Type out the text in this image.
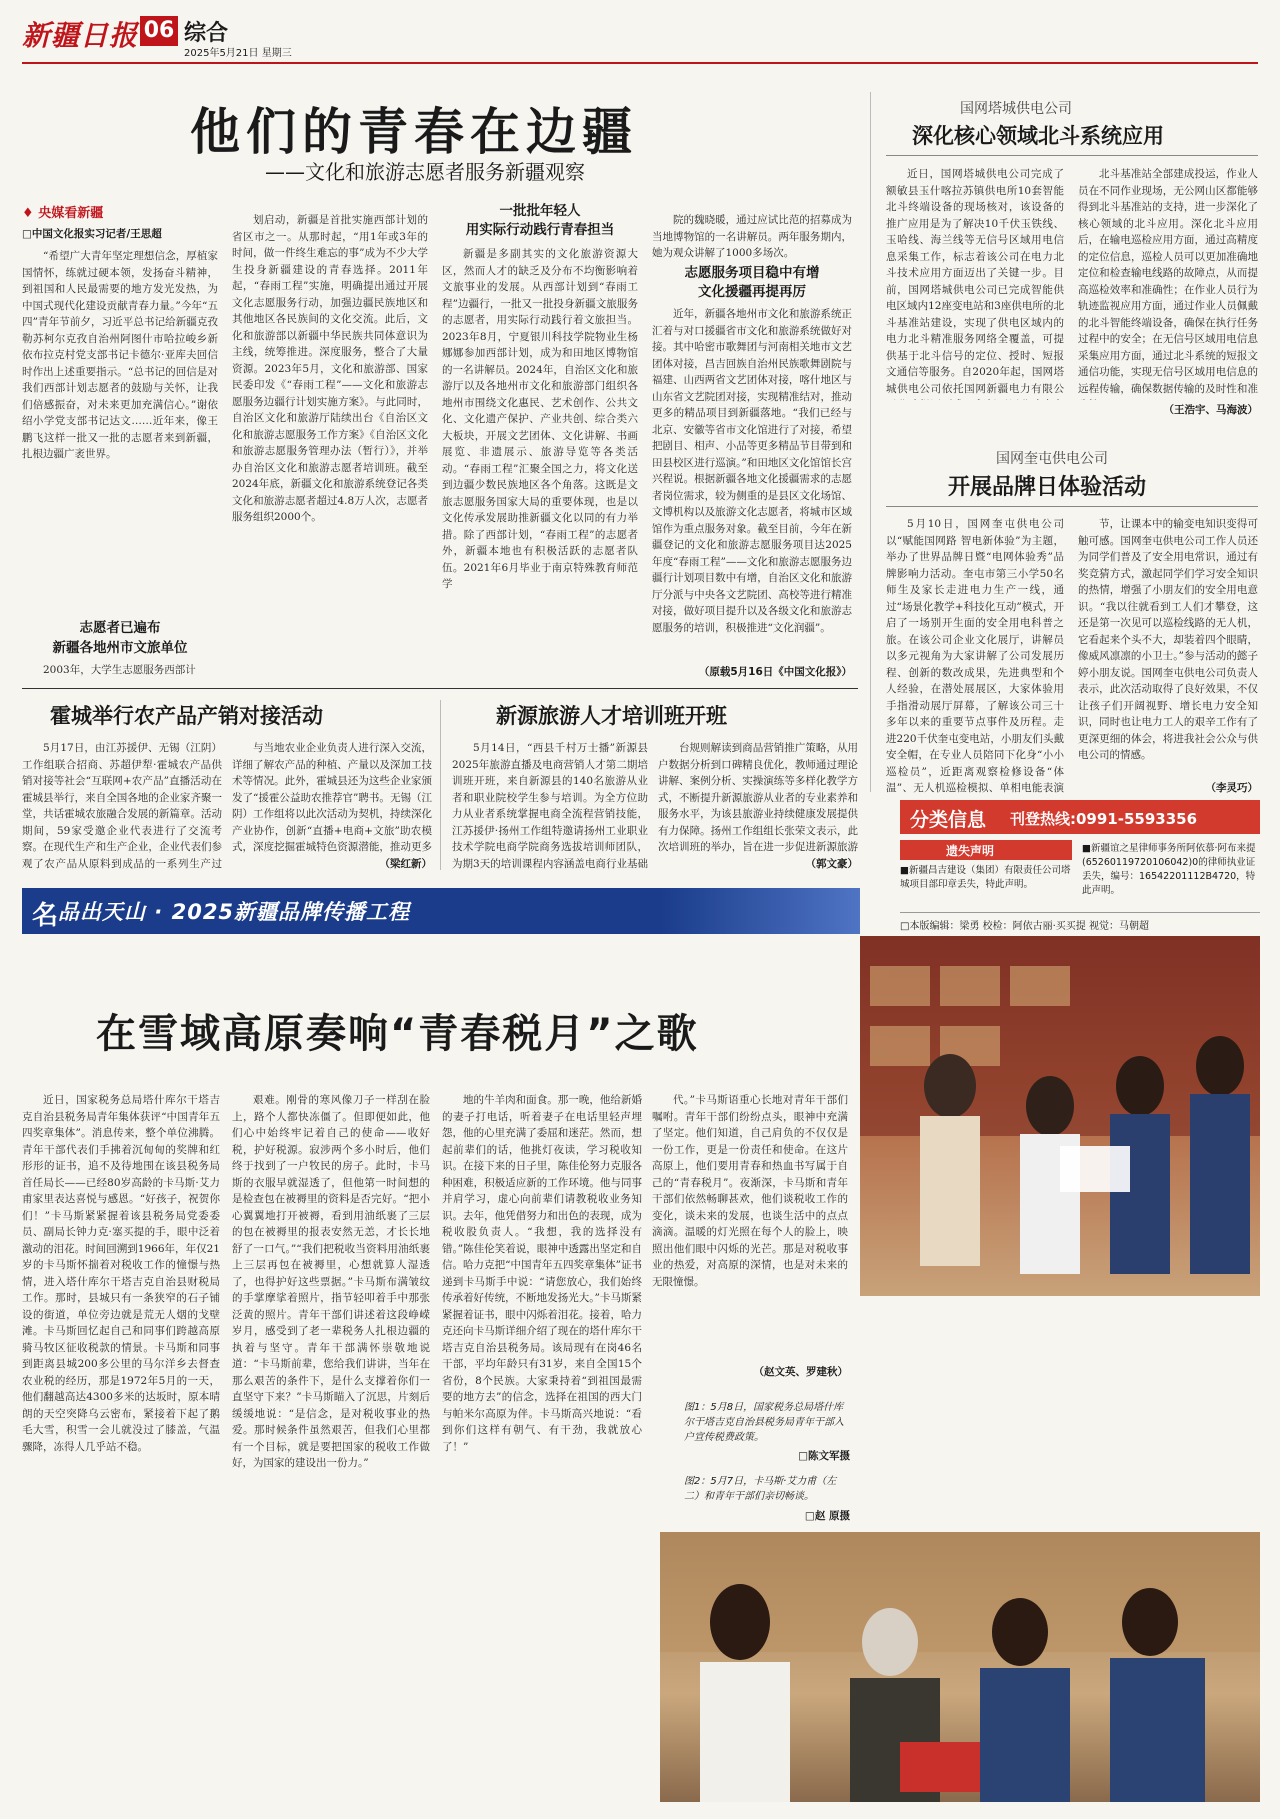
新疆日报 06 综合
2025年5月21日 星期三
他们的青春在边疆
——文化和旅游志愿者服务新疆观察
♦ 央媒看新疆
□中国文化报实习记者/王思超

“希望广大青年坚定理想信念，厚植家国情怀，练就过硬本领，发扬奋斗精神，到祖国和人民最需要的地方发光发热，为中国式现代化建设贡献青春力量。”今年“五四”青年节前夕，习近平总书记给新疆克孜勒苏柯尔克孜自治州阿图什市哈拉峻乡新依布拉克村党支部书记卡德尔·亚库夫回信时作出上述重要指示。“总书记的回信是对我们西部计划志愿者的鼓励与关怀，让我们倍感振奋，对未来更加充满信心。”谢依绍小学党支部书记达文……近年来，像王鹏飞这样一批又一批的志愿者来到新疆，扎根边疆广袤世界。

志愿者已遍布
新疆各地州市文旅单位

2003年，大学生志愿服务西部计

划启动，新疆是首批实施西部计划的省区市之一。从那时起，“用1年或3年的时间，做一件终生难忘的事”成为不少大学生投身新疆建设的青春选择。2011年起，“春雨工程”实施，明确提出通过开展文化志愿服务行动，加强边疆民族地区和其他地区各民族间的文化交流。此后，文化和旅游部以新疆中华民族共同体意识为主线，统筹推进。深度服务，整合了大量资源。2023年5月，文化和旅游部、国家民委印发《“春雨工程”——文化和旅游志愿服务边疆行计划实施方案》。与此同时，自治区文化和旅游厅陆续出台《自治区文化和旅游志愿服务工作方案》《自治区文化和旅游志愿服务管理办法（暂行）》，并举办自治区文化和旅游志愿者培训班。截至2024年底，新疆文化和旅游系统登记各类文化和旅游志愿者超过4.8万人次，志愿者服务组织2000个。

一批批年轻人
用实际行动践行青春担当

新疆是多副其实的文化旅游资源大区，然而人才的缺乏及分布不均衡影响着文旅事业的发展。从西部计划到“春雨工程”边疆行，一批又一批投身新疆文旅服务的志愿者，用实际行动践行着文旅担当。2023年8月，宁夏银川科技学院物业生杨娜娜参加西部计划，成为和田地区博物馆的一名讲解员。2024年，自治区文化和旅游厅以及各地州市文化和旅游部门组织各地州市围绕文化惠民、艺术创作、公共文化、文化遗产保护、产业共创、综合类六大板块，开展文艺团体、文化讲解、书画展览、非遗展示、旅游导览等各类活动。“春雨工程”汇聚全国之力，将文化送到边疆少数民族地区各个角落。这既是文旅志愿服务国家大局的重要体现，也是以文化传承发展助推新疆文化以同的有力举措。除了西部计划，“春雨工程”的志愿者外，新疆本地也有积极活跃的志愿者队伍。2021年6月毕业于南京特殊教育师范学

院的魏晓暖，通过应试比范的招募成为当地博物馆的一名讲解员。两年服务期内，她为观众讲解了1000多场次。

志愿服务项目稳中有增
文化援疆再提再厉

近年，新疆各地州市文化和旅游系统正汇着与对口援疆省市文化和旅游系统做好对接。其中哈密市歌舞团与河南相关地市文艺团体对接，昌吉回族自治州民族歌舞剧院与福建、山西两省文艺团体对接，喀什地区与山东省文艺院团对接，实现精准结对，推动更多的精品项目到新疆落地。“我们已经与北京、安徽等省市文化馆进行了对接，希望把剧目、相声、小品等更多精品节目带到和田县校区进行巡演。”和田地区文化馆馆长宫兴程说。根据新疆各地文化援疆需求的志愿者岗位需求，较为侧重的是县区文化场馆、文博机构以及旅游文化志愿者，将城市区域馆作为重点服务对象。截至目前，今年在新疆登记的文化和旅游志愿服务项目达2025年度“春雨工程”——文化和旅游志愿服务边疆行计划项目数中有增，自治区文化和旅游厅分派与中央各文艺院团、高校等进行精准对接，做好项目提升以及各级文化和旅游志愿服务的培训，积极推进“文化润疆”。

（原载5月16日《中国文化报》）
国网塔城供电公司
深化核心领域北斗系统应用

近日，国网塔城供电公司完成了额敏县玉什喀拉苏镇供电所10套智能北斗终端设备的现场核对，该设备的推广应用是为了解决10千伏玉铁线、玉哈线、海兰线等无信号区域用电信息采集工作，标志着该公司在电力北斗技术应用方面迈出了关键一步。目前，国网塔城供电公司已完成智能供电区域内12座变电站和3座供电所的北斗基准站建设，实现了供电区域内的电力北斗精准服务网络全覆盖，可提供基于北斗信号的定位、授时、短报文通信等服务。自2020年起，国网塔城供电公司依托国网新疆电力有限公

北斗基准站全部建成投运，作业人员在不同作业现场，无公网山区都能够得到北斗基准站的支持，进一步深化了核心领域的北斗应用。深化北斗应用后，在输电巡检应用方面，通过高精度的定位信息，巡检人员可以更加准确地定位和检查输电线路的故障点，从而提高巡检效率和准确性；在作业人员行为轨迹监视应用方面，通过作业人员佩戴的北斗智能终端设备，确保在执行任务过程中的安全；在无信号区域用电信息采集应用方面，通过北斗系统的短报文通信功能，实现无信号区域用电信息的远程传输，确保数据传输的及时性和准

（王浩宇、马海波）
国网奎屯供电公司
开展品牌日体验活动

5月10日，国网奎屯供电公司以“赋能国网路 智电新体验”为主题，举办了世界品牌日暨“电网体验秀”品牌影响力活动。奎屯市第三小学50名师生及家长走进电力生产一线，通过“场景化教学+科技化互动”模式，开启了一场别开生面的安全用电科普之旅。在该公司企业文化展厅，讲解员以多元视角为大家讲解了公司发展历程、创新的数改成果，先进典型和个人经验，在潜处展展区，大家体验用手指滑动展厅屏幕，了解该公司三十多年以来的重要节点事件及历程。走进220千伏奎屯变电站，小朋友们头戴安全帽，在专业人员陪同下化身“小小巡检员”，近距离观察检修设备“体温”、无人机巡检模拟、单相电能表演

节，让课本中的输变电知识变得可触可感。国网奎屯供电公司工作人员还为同学们普及了安全用电常识，通过有奖竞猜方式，激起同学们学习安全知识的热情，增强了小朋友们的安全用电意识。“我以往就看到工人们才攀登，这还是第一次见可以巡检线路的无人机，它看起来个头不大，却装着四个眼睛，像威风凛凛的小卫士。”参与活动的懿子婷小朋友说。国网奎屯供电公司负责人表示，此次活动取得了良好效果，不仅让孩子们开阔视野、增长电力安全知识，同时也让电力工人的艰辛工作有了更深更细的体会，将进我社会公众与供电公司的情感。

（李灵巧）
霍城举行农产品产销对接活动

5月17日，由江苏援伊、无锡（江阴）工作组联合招商、苏超伊犁·霍城农产品供销对接等社会“互联网+农产品”直播活动在霍城县举行，来自全国各地的企业家齐聚一堂，共话霍城农旅融合发展的新篇章。活动期间，59家受邀企业代表进行了交流考察。在现代生产和生产企业，企业代表们参观了农产品从原料到成品的一系列生产过

与当地农业企业负责人进行深入交流，详细了解农产品的种植、产量以及深加工技术等情况。此外，霍城县还为这些企业家颁发了“援霍公益助农推荐官”聘书。无锡（江阴）工作组将以此次活动为契机，持续深化产业协作，创新“直播+电商+文旅”助农模式，深度挖掘霍城特色资源潜能，推动更多

（梁红新）
新源旅游人才培训班开班

5月14日，“西县千村万士播”新源县2025年旅游直播及电商营销人才第二期培训班开班，来自新源县的140名旅游从业者和职业院校学生参与培训。为全方位助力从业者系统掌握电商全流程营销技能，江苏援伊·扬州工作组特邀请扬州工业职业技术学院电商学院商务选拔培训师团队，为期3天的培训课程内容涵盖电商行业基础

台规则解读到商品营销推广策略，从用户数据分析到口碑精良优化，教师通过理论讲解、案例分析、实操演练等多样化教学方式，不断提升新源旅游从业者的专业素养和服务水平，为该县旅游业持续健康发展提供有力保障。扬州工作组组长张荣文表示，此次培训班的举办，旨在进一步促进新源旅游

（郭文豪）
分类信息 刊登热线:0991-5593356
遗失声明
■新疆昌吉建设（集团）有限责任公司塔城项目部印章丢失，特此声明。
■新疆谊之星律师事务所阿依慕·阿布来提(65260119720106042)0的律师执业证丢失，编号：16542201112B4720，特此声明。
□本版编辑：梁勇 校检：阿依古丽·买买提 视觉：马朝超
名 品出天山 · 2025新疆品牌传播工程
在雪域高原奏响“青春税月”之歌

近日，国家税务总局塔什库尔干塔吉克自治县税务局青年集体获评“中国青年五四奖章集体”。消息传来，整个单位沸腾。青年干部代表们手拂着沉甸甸的奖牌和红形形的证书，追不及待地围在该县税务局首任局长——已经80岁高龄的卡马斯·艾力甫家里表达喜悦与感恩。“好孩子，祝贺你们！”卡马斯紧紧握着该县税务局党委委员、副局长钟力克·塞买提的手，眼中泛着激动的泪花。时间回溯到1966年，年仅21岁的卡马斯怀揣着对税收工作的憧憬与热情，进入塔什库尔干塔吉克自治县财税局工作。那时，县城只有一条狭窄的石子铺设的街道，单位旁边就是荒无人烟的戈壁滩。卡马斯回忆起自己和同事们跨越高原骑马牧区征收税款的情景。卡马斯和同事到距离县城200多公里的马尔洋乡去督查农业税的经历，那是1972年5月的一天，他们翻越高达4300多米的达坂时，原本晴朗的天空突降乌云密布，紧接着下起了鹅毛大雪，积雪一会儿就没过了膝盖，气温骤降，冻得人几乎站不稳。

艰难。刚骨的寒风像刀子一样刮在脸上，路个人都快冻僵了。但即便如此，他们心中始终牢记着自己的使命——收好税，护好税源。寂涉两个多小时后，他们终于找到了一户牧民的房子。此时，卡马斯的衣服早就湿透了，但他第一时间想的是检查包在被褥里的资料是否完好。“把小心翼翼地打开被褥，看到用油纸裹了三层的包在被褥里的报表安然无恙，才长长地舒了一口气。”“我们把税收当资料用油纸裹上三层再包在被褥里，心想就算人湿透了，也得护好这些票据。”卡马斯布满皱纹的手掌摩挲着照片，指节轻叩着手中那张泛黄的照片。青年干部们讲述着这段峥嵘岁月，感受到了老一辈税务人扎根边疆的执着与坚守。青年干部满怀崇敬地说道：“卡马斯前辈，您给我们讲讲，当年在那么艰苦的条件下，是什么支撑着你们一直坚守下来？”卡马斯瞄入了沉思，片刻后缓缓地说：“是信念，是对税收事业的热爱。那时候条件虽然艰苦，但我们心里都有一个目标，就是要把国家的税收工作做好，为国家的建设出一份力。”

地的牛羊肉和面食。那一晚，他给新婚的妻子打电话，听着妻子在电话里轻声埋怨，他的心里充满了委屈和迷茫。然而，想起前辈们的话，他挑灯夜读，学习税收知识。在接下来的日子里，陈佳伦努力克服各种困难，积极适应新的工作环境。他与同事并肩学习，虚心向前辈们请教税收业务知识。去年，他凭借努力和出色的表现，成为税收股负责人。“我想，我的选择没有错。”陈佳伦笑着说，眼神中透露出坚定和自信。哈力克把“中国青年五四奖章集体”证书递到卡马斯手中说：“请您放心，我们始终传承着好传统，不断地发扬光大。”卡马斯紧紧握着证书，眼中闪烁着泪花。接着，哈力克还向卡马斯详细介绍了现在的塔什库尔干塔吉克自治县税务局。该局现有在岗46名干部，平均年龄只有31岁，来自全国15个省份，8个民族。大家秉持着“到祖国最需要的地方去”的信念，选择在祖国的西大门与帕米尔高原为伴。卡马斯高兴地说：“看到你们这样有朝气、有干劲，我就放心了！”

代。”卡马斯语重心长地对青年干部们嘱咐。青年干部们纷纷点头，眼神中充满了坚定。他们知道，自己肩负的不仅仅是一份工作，更是一份责任和使命。在这片高原上，他们要用青春和热血书写属于自己的“青春税月”。夜渐深，卡马斯和青年干部们依然畅聊甚欢，他们谈税收工作的变化，谈未来的发展，也谈生活中的点点滴滴。温暖的灯光照在每个人的脸上，映照出他们眼中闪烁的光芒。那是对税收事业的热爱，对高原的深情，也是对未来的无限憧憬。

（赵文英、罗建秋）
图1：5月8日，国家税务总局塔什库尔干塔吉克自治县税务局青年干部入户宣传税费政策。
□陈文军摄
图2：5月7日，卡马斯·艾力甫（左二）和青年干部们亲切畅谈。
□赵 原摄
